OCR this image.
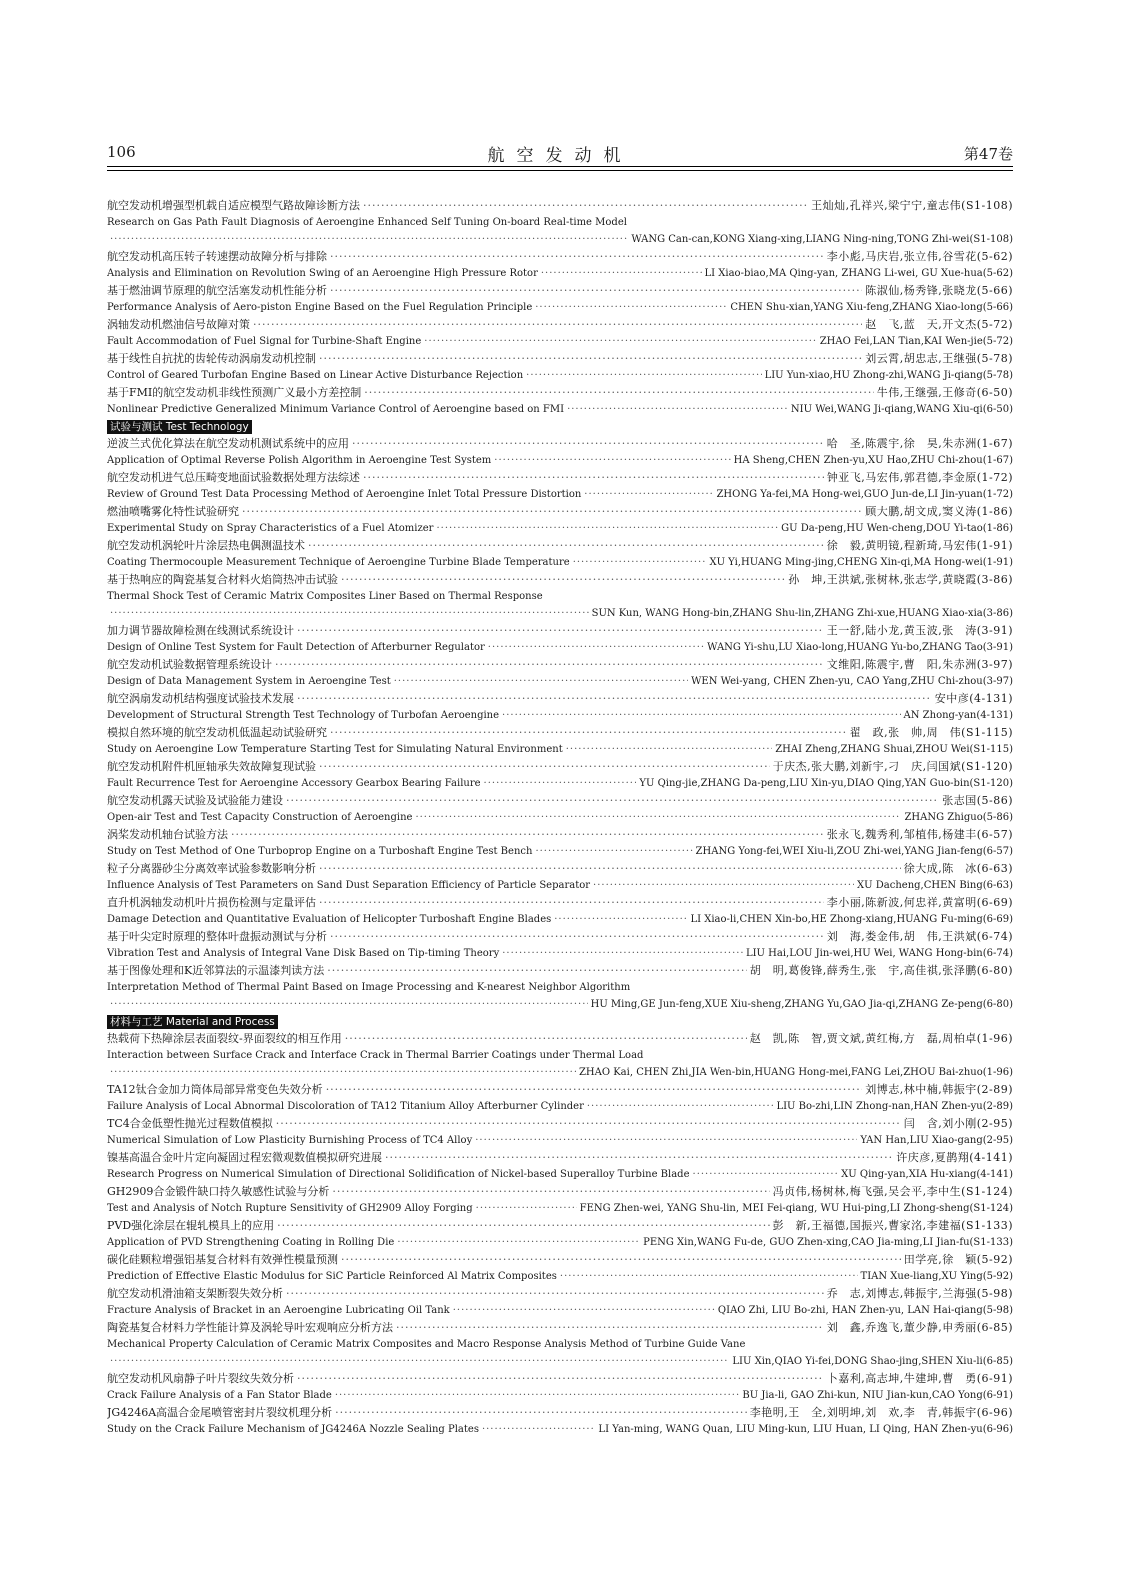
106	航空发动机	第47卷
航空发动机增强型机载自适应模型气路故障诊断方法 ·····	王灿灿,孔祥兴,梁宁宁,童志伟(S1-108)
Research on Gas Path Fault Diagnosis of Aeroengine Enhanced Self Tuning On-board Real-time Model
·····
WANG Can-can,KONG Xiang-xing,LIANG Ning-ning,TONG Zhi-wei(S1-108)
航空发动机高压转子转速摆动故障分析与排除 ·····	李小彪,马庆岩,张立伟,谷雪花(5-62)
Analysis and Elimination on Revolution Swing of an Aeroengine High Pressure Rotor ·····	LI Xiao-biao,MA Qing-yan, ZHANG Li-wei, GU Xue-hua(5-62)
基于燃油调节原理的航空活塞发动机性能分析 ·····	陈淑仙,杨秀锋,张晓龙(5-66)
Performance Analysis of Aero-piston Engine Based on the Fuel Regulation Principle ·····	CHEN Shu-xian,YANG Xiu-feng,ZHANG Xiao-long(5-66)
涡轴发动机燃油信号故障对策 ·····	赵　飞,蓝　天,开文杰(5-72)
Fault Accommodation of Fuel Signal for Turbine-Shaft Engine ·····	ZHAO Fei,LAN Tian,KAI Wen-jie(5-72)
基于线性自抗扰的齿轮传动涡扇发动机控制 ·····	刘云霄,胡忠志,王继强(5-78)
Control of Geared Turbofan Engine Based on Linear Active Disturbance Rejection ·····	LIU Yun-xiao,HU Zhong-zhi,WANG Ji-qiang(5-78)
基于FMI的航空发动机非线性预测广义最小方差控制 ·····	牛伟,王继强,王修奇(6-50)
Nonlinear Predictive Generalized Minimum Variance Control of Aeroengine based on FMI ·····	NIU Wei,WANG Ji-qiang,WANG Xiu-qi(6-50)
试验与测试 Test Technology
逆波兰式优化算法在航空发动机测试系统中的应用 ·····	哈　圣,陈震宇,徐　昊,朱赤洲(1-67)
Application of Optimal Reverse Polish Algorithm in Aeroengine Test System ·····	HA Sheng,CHEN Zhen-yu,XU Hao,ZHU Chi-zhou(1-67)
航空发动机进气总压畸变地面试验数据处理方法综述 ·····	钟亚飞,马宏伟,郭君德,李金原(1-72)
Review of Ground Test Data Processing Method of Aeroengine Inlet Total Pressure Distortion ·····	ZHONG Ya-fei,MA Hong-wei,GUO Jun-de,LI Jin-yuan(1-72)
燃油喷嘴雾化特性试验研究 ·····	顾大鹏,胡文成,窦义涛(1-86)
Experimental Study on Spray Characteristics of a Fuel Atomizer ·····	GU Da-peng,HU Wen-cheng,DOU Yi-tao(1-86)
航空发动机涡轮叶片涂层热电偶测温技术 ·····	徐　毅,黄明镜,程新琦,马宏伟(1-91)
Coating Thermocouple Measurement Technique of Aeroengine Turbine Blade Temperature ·····	XU Yi,HUANG Ming-jing,CHENG Xin-qi,MA Hong-wei(1-91)
基于热响应的陶瓷基复合材料火焰筒热冲击试验 ·····	孙　坤,王洪斌,张树林,张志学,黄晓霞(3-86)
Thermal Shock Test of Ceramic Matrix Composites Liner Based on Thermal Response
·····
SUN Kun, WANG Hong-bin,ZHANG Shu-lin,ZHANG Zhi-xue,HUANG Xiao-xia(3-86)
加力调节器故障检测在线测试系统设计 ·····	王一舒,陆小龙,黄玉波,张　涛(3-91)
Design of Online Test System for Fault Detection of Afterburner Regulator ·····	WANG Yi-shu,LU Xiao-long,HUANG Yu-bo,ZHANG Tao(3-91)
航空发动机试验数据管理系统设计 ·····	文维阳,陈震宇,曹　阳,朱赤洲(3-97)
Design of Data Management System in Aeroengine Test ·····	WEN Wei-yang, CHEN Zhen-yu, CAO Yang,ZHU Chi-zhou(3-97)
航空涡扇发动机结构强度试验技术发展 ·····	安中彦(4-131)
Development of Structural Strength Test Technology of Turbofan Aeroengine ·····	AN Zhong-yan(4-131)
模拟自然环境的航空发动机低温起动试验研究 ·····	翟　政,张　帅,周　伟(S1-115)
Study on Aeroengine Low Temperature Starting Test for Simulating Natural Environment ·····	ZHAI Zheng,ZHANG Shuai,ZHOU Wei(S1-115)
航空发动机附件机匣轴承失效故障复现试验 ·····	于庆杰,张大鹏,刘新宇,刁　庆,闫国斌(S1-120)
Fault Recurrence Test for Aeroengine Accessory Gearbox Bearing Failure ·····	YU Qing-jie,ZHANG Da-peng,LIU Xin-yu,DIAO Qing,YAN Guo-bin(S1-120)
航空发动机露天试验及试验能力建设 ·····	张志国(5-86)
Open-air Test and Test Capacity Construction of Aeroengine ·····	ZHANG Zhiguo(5-86)
涡桨发动机轴台试验方法 ·····	张永飞,魏秀利,邹植伟,杨建丰(6-57)
Study on Test Method of One Turboprop Engine on a Turboshaft Engine Test Bench ·····	ZHANG Yong-fei,WEI Xiu-li,ZOU Zhi-wei,YANG Jian-feng(6-57)
粒子分离器砂尘分离效率试验参数影响分析 ·····	徐大成,陈　冰(6-63)
Influence Analysis of Test Parameters on Sand Dust Separation Efficiency of Particle Separator ·····	XU Dacheng,CHEN Bing(6-63)
直升机涡轴发动机叶片损伤检测与定量评估 ·····	李小丽,陈新波,何忠祥,黄富明(6-69)
Damage Detection and Quantitative Evaluation of Helicopter Turboshaft Engine Blades ·····	LI Xiao-li,CHEN Xin-bo,HE Zhong-xiang,HUANG Fu-ming(6-69)
基于叶尖定时原理的整体叶盘振动测试与分析 ·····	刘　海,娄金伟,胡　伟,王洪斌(6-74)
Vibration Test and Analysis of Integral Vane Disk Based on Tip-timing Theory ·····	LIU Hai,LOU Jin-wei,HU Wei, WANG Hong-bin(6-74)
基于图像处理和K近邻算法的示温漆判读方法 ·····	胡　明,葛俊锋,薛秀生,张　宇,高佳祺,张泽鹏(6-80)
Interpretation Method of Thermal Paint Based on Image Processing and K-nearest Neighbor Algorithm
·····
HU Ming,GE Jun-feng,XUE Xiu-sheng,ZHANG Yu,GAO Jia-qi,ZHANG Ze-peng(6-80)
材料与工艺 Material and Process
热载荷下热障涂层表面裂纹-界面裂纹的相互作用 ·····	赵　凯,陈　智,贾文斌,黄红梅,方　磊,周柏卓(1-96)
Interaction between Surface Crack and Interface Crack in Thermal Barrier Coatings under Thermal Load
·····
ZHAO Kai, CHEN Zhi,JIA Wen-bin,HUANG Hong-mei,FANG Lei,ZHOU Bai-zhuo(1-96)
TA12钛合金加力筒体局部异常变色失效分析 ·····	刘博志,林中楠,韩振宇(2-89)
Failure Analysis of Local Abnormal Discoloration of TA12 Titanium Alloy Afterburner Cylinder ·····	LIU Bo-zhi,LIN Zhong-nan,HAN Zhen-yu(2-89)
TC4合金低塑性抛光过程数值模拟 ·····	闫　含,刘小刚(2-95)
Numerical Simulation of Low Plasticity Burnishing Process of TC4 Alloy ·····	YAN Han,LIU Xiao-gang(2-95)
镍基高温合金叶片定向凝固过程宏微观数值模拟研究进展 ·····	许庆彦,夏鹊翔(4-141)
Research Progress on Numerical Simulation of Directional Solidification of Nickel-based Superalloy Turbine Blade ·····	XU Qing-yan,XIA Hu-xiang(4-141)
GH2909合金锻件缺口持久敏感性试验与分析 ·····	冯贞伟,杨树林,梅飞强,吴会平,李中生(S1-124)
Test and Analysis of Notch Rupture Sensitivity of GH2909 Alloy Forging ·····	FENG Zhen-wei, YANG Shu-lin, MEI Fei-qiang, WU Hui-ping,LI Zhong-sheng(S1-124)
PVD强化涂层在辊轧模具上的应用 ·····	彭　新,王福德,国振兴,曹家洺,李建福(S1-133)
Application of PVD Strengthening Coating in Rolling Die ·····	PENG Xin,WANG Fu-de, GUO Zhen-xing,CAO Jia-ming,LI Jian-fu(S1-133)
碳化硅颗粒增强铝基复合材料有效弹性模量预测 ·····	田学亮,徐　颖(5-92)
Prediction of Effective Elastic Modulus for SiC Particle Reinforced Al Matrix Composites ·····	TIAN Xue-liang,XU Ying(5-92)
航空发动机滑油箱支架断裂失效分析 ·····	乔　志,刘博志,韩振宇,兰海强(5-98)
Fracture Analysis of Bracket in an Aeroengine Lubricating Oil Tank ·····	QIAO Zhi, LIU Bo-zhi, HAN Zhen-yu, LAN Hai-qiang(5-98)
陶瓷基复合材料力学性能计算及涡轮导叶宏观响应分析方法 ·····	刘　鑫,乔逸飞,董少静,申秀丽(6-85)
Mechanical Property Calculation of Ceramic Matrix Composites and Macro Response Analysis Method of Turbine Guide Vane
·····
LIU Xin,QIAO Yi-fei,DONG Shao-jing,SHEN Xiu-li(6-85)
航空发动机风扇静子叶片裂纹失效分析 ·····	卜嘉利,高志坤,牛建坤,曹　勇(6-91)
Crack Failure Analysis of a Fan Stator Blade ·····	BU Jia-li, GAO Zhi-kun, NIU Jian-kun,CAO Yong(6-91)
JG4246A高温合金尾喷管密封片裂纹机理分析 ·····	李艳明,王　全,刘明坤,刘　欢,李　青,韩振宇(6-96)
Study on the Crack Failure Mechanism of JG4246A Nozzle Sealing Plates ·····	LI Yan-ming, WANG Quan, LIU Ming-kun, LIU Huan, LI Qing, HAN Zhen-yu(6-96)
